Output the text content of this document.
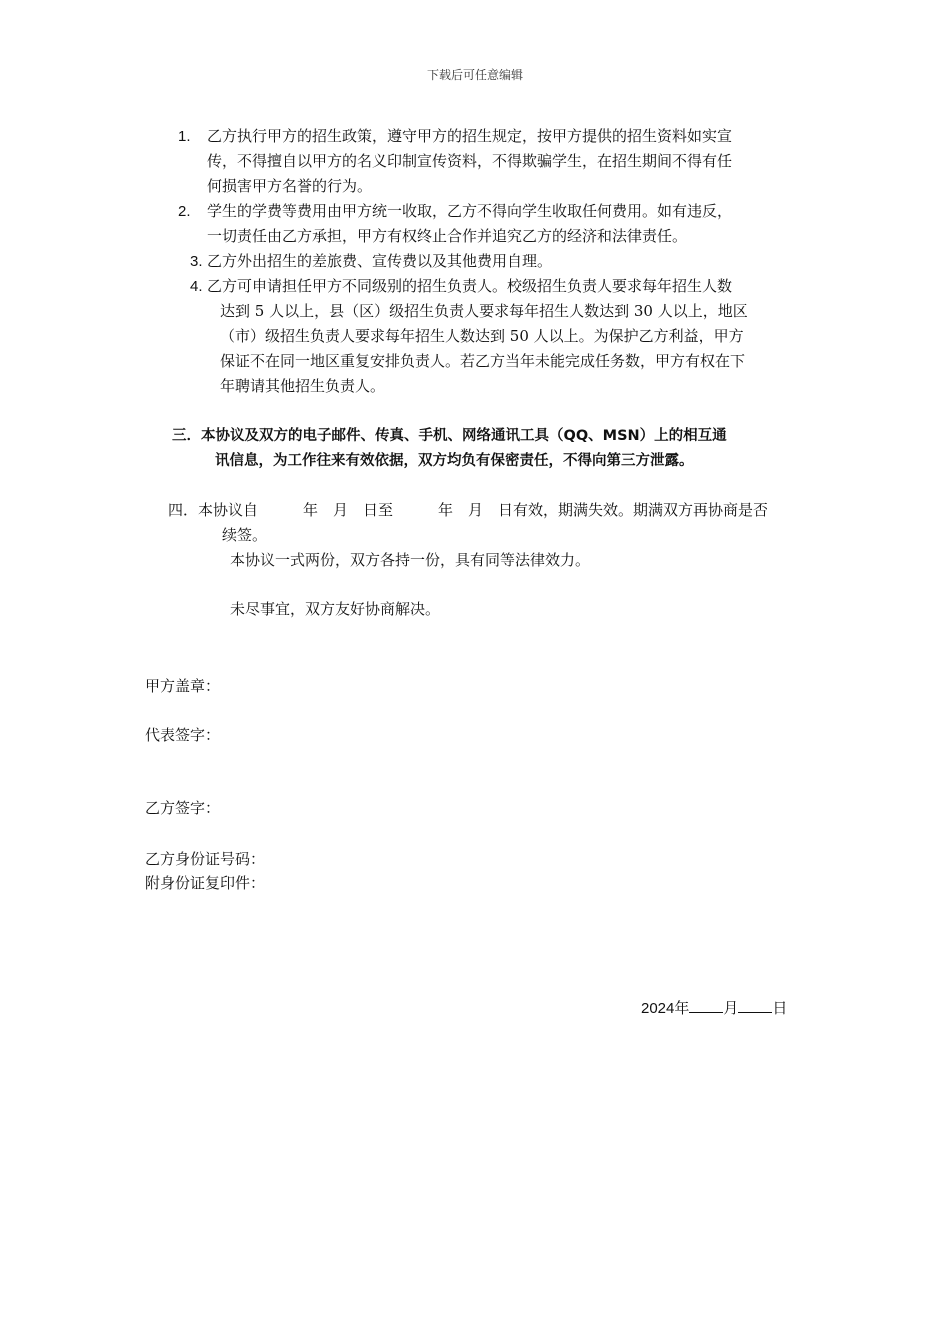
下载后可任意编辑
1. 乙方执行甲方的招生政策，遵守甲方的招生规定，按甲方提供的招生资料如实宣
传，不得擅自以甲方的名义印制宣传资料，不得欺骗学生，在招生期间不得有任
何损害甲方名誉的行为。
2. 学生的学费等费用由甲方统一收取，乙方不得向学生收取任何费用。如有违反，
一切责任由乙方承担，甲方有权终止合作并追究乙方的经济和法律责任。
3. 乙方外出招生的差旅费、宣传费以及其他费用自理。
4. 乙方可申请担任甲方不同级别的招生负责人。校级招生负责人要求每年招生人数
达到 5 人以上，县（区）级招生负责人要求每年招生人数达到 30 人以上，地区
（市）级招生负责人要求每年招生人数达到 50 人以上。为保护乙方利益，甲方
保证不在同一地区重复安排负责人。若乙方当年未能完成任务数，甲方有权在下
年聘请其他招生负责人。
三．本协议及双方的电子邮件、传真、手机、网络通讯工具（QQ、MSN）上的相互通
讯信息，为工作往来有效依据，双方均负有保密责任，不得向第三方泄露。
四．本协议自　　　年　月　日至　　　年　月　日有效，期满失效。期满双方再协商是否
续签。
本协议一式两份，双方各持一份，具有同等法律效力。
未尽事宜，双方友好协商解决。
甲方盖章：
代表签字：
乙方签字：
乙方身份证号码：
附身份证复印件：
2024年 月 日
